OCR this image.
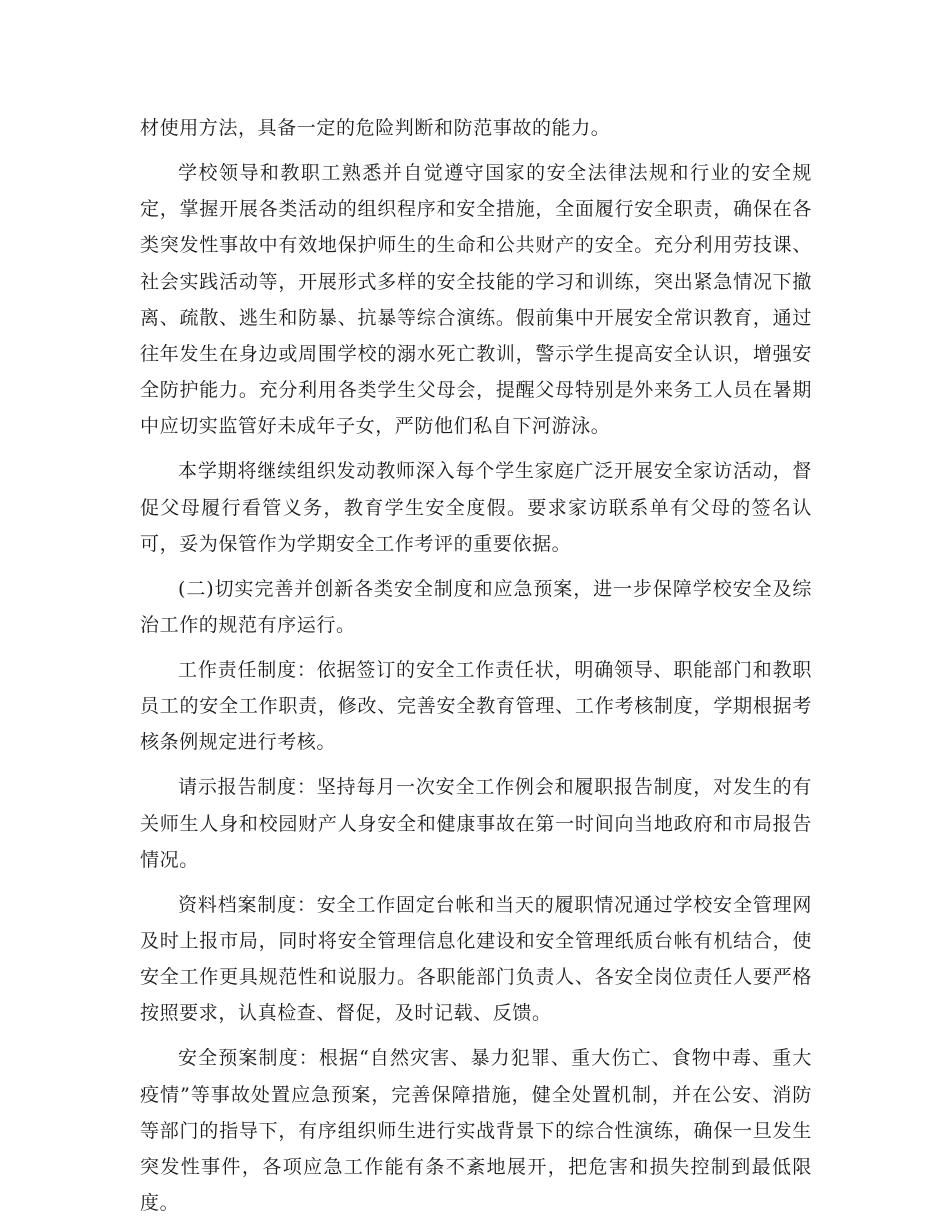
材使用方法，具备一定的危险判断和防范事故的能力。

学校领导和教职工熟悉并自觉遵守国家的安全法律法规和行业的安全规定，掌握开展各类活动的组织程序和安全措施，全面履行安全职责，确保在各类突发性事故中有效地保护师生的生命和公共财产的安全。充分利用劳技课、社会实践活动等，开展形式多样的安全技能的学习和训练，突出紧急情况下撤离、疏散、逃生和防暴、抗暴等综合演练。假前集中开展安全常识教育，通过往年发生在身边或周围学校的溺水死亡教训，警示学生提高安全认识，增强安全防护能力。充分利用各类学生父母会，提醒父母特别是外来务工人员在暑期中应切实监管好未成年子女，严防他们私自下河游泳。

本学期将继续组织发动教师深入每个学生家庭广泛开展安全家访活动，督促父母履行看管义务，教育学生安全度假。要求家访联系单有父母的签名认可，妥为保管作为学期安全工作考评的重要依据。

(二)切实完善并创新各类安全制度和应急预案，进一步保障学校安全及综治工作的规范有序运行。

工作责任制度：依据签订的安全工作责任状，明确领导、职能部门和教职员工的安全工作职责，修改、完善安全教育管理、工作考核制度，学期根据考核条例规定进行考核。

请示报告制度：坚持每月一次安全工作例会和履职报告制度，对发生的有关师生人身和校园财产人身安全和健康事故在第一时间向当地政府和市局报告情况。

资料档案制度：安全工作固定台帐和当天的履职情况通过学校安全管理网及时上报市局，同时将安全管理信息化建设和安全管理纸质台帐有机结合，使安全工作更具规范性和说服力。各职能部门负责人、各安全岗位责任人要严格按照要求，认真检查、督促，及时记载、反馈。

安全预案制度：根据“自然灾害、暴力犯罪、重大伤亡、食物中毒、重大疫情”等事故处置应急预案，完善保障措施，健全处置机制，并在公安、消防等部门的指导下，有序组织师生进行实战背景下的综合性演练，确保一旦发生突发性事件，各项应急工作能有条不紊地展开，把危害和损失控制到最低限度。
